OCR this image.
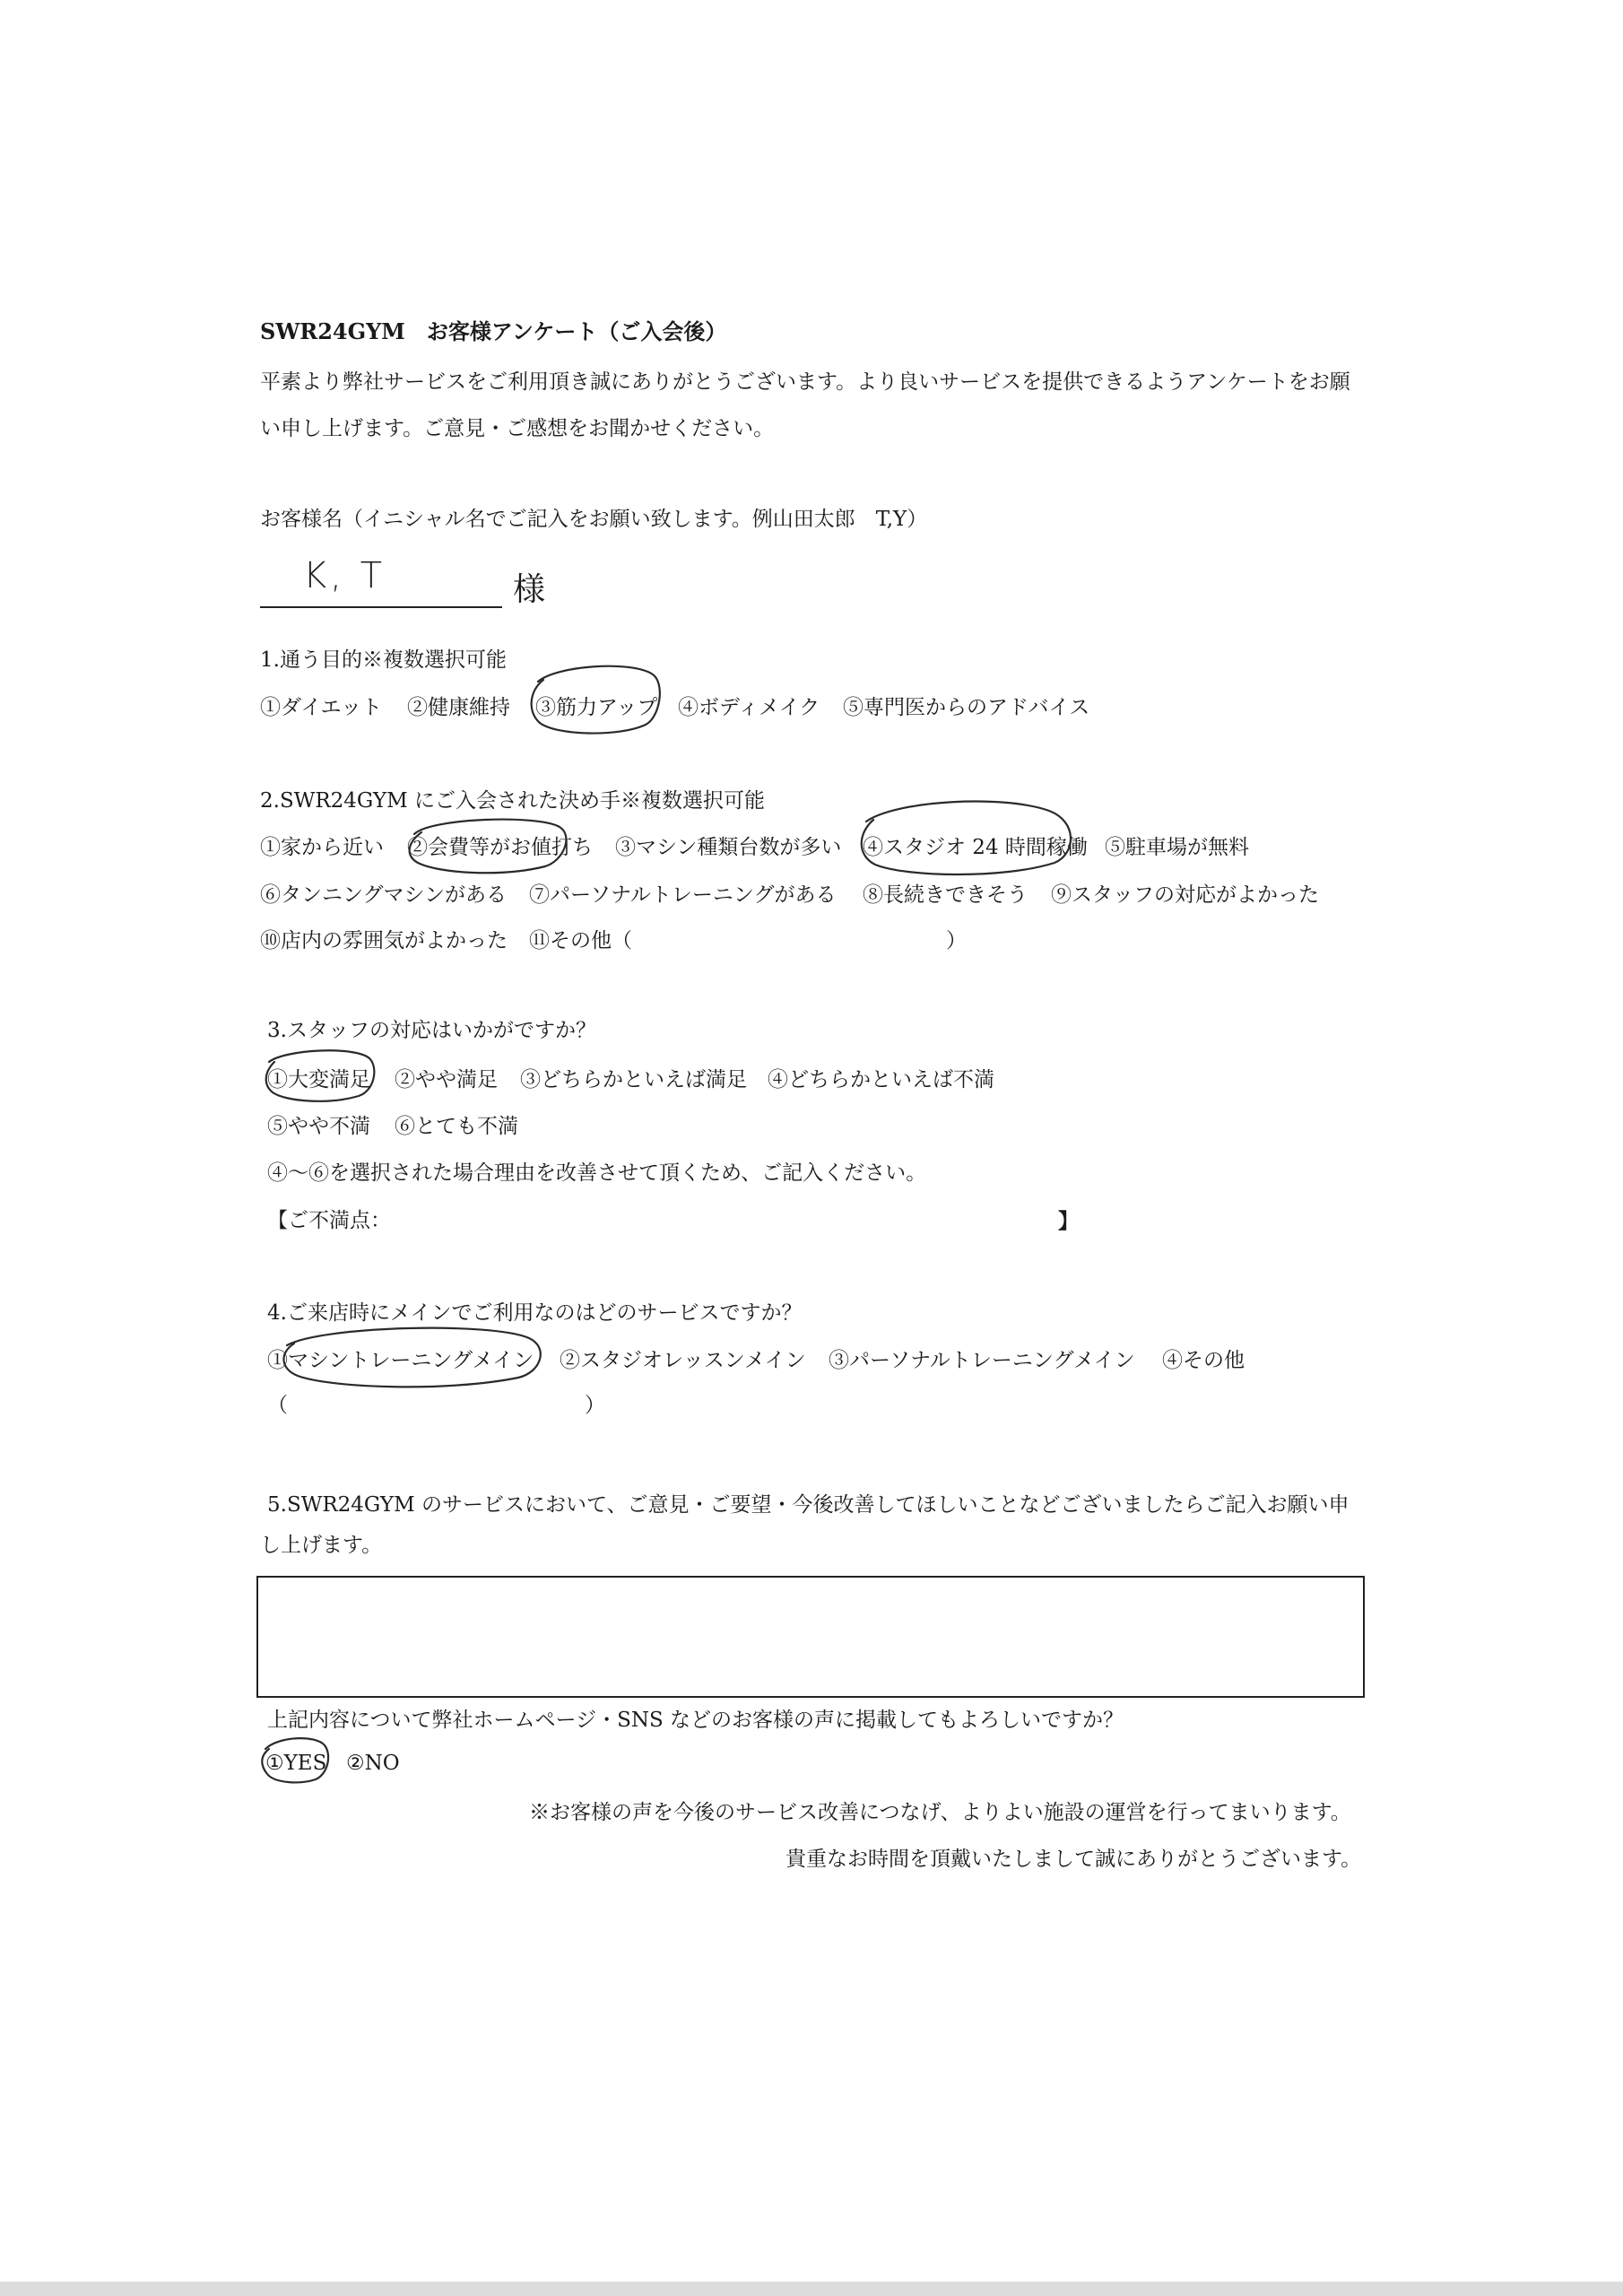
SWR24GYM　お客様アンケート（ご入会後）
平素より弊社サービスをご利用頂き誠にありがとうございます。より良いサービスを提供できるようアンケートをお願
い申し上げます。ご意見・ご感想をお聞かせください。
お客様名（イニシャル名でご記入をお願い致します。例山田太郎　T,Y）
K, T	様
1.通う目的※複数選択可能
①ダイエット ②健康維持 ③筋力アップ ④ボディメイク ⑤専門医からのアドバイス
2.SWR24GYM にご入会された決め手※複数選択可能
①家から近い ②会費等がお値打ち ③マシン種類台数が多い ④スタジオ 24 時間稼働 ⑤駐車場が無料
⑥タンニングマシンがある ⑦パーソナルトレーニングがある ⑧長続きできそう ⑨スタッフの対応がよかった
⑩店内の雰囲気がよかった ⑪その他（	）
3.スタッフの対応はいかがですか？
①大変満足 ②やや満足 ③どちらかといえば満足 ④どちらかといえば不満
⑤やや不満 ⑥とても不満
④～⑥を選択された場合理由を改善させて頂くため、ご記入ください。
【ご不満点：	】
4.ご来店時にメインでご利用なのはどのサービスですか？
①マシントレーニングメイン ②スタジオレッスンメイン ③パーソナルトレーニングメイン ④その他
（	）
5.SWR24GYM のサービスにおいて、ご意見・ご要望・今後改善してほしいことなどございましたらご記入お願い申
し上げます。
上記内容について弊社ホームページ・SNS などのお客様の声に掲載してもよろしいですか？
①YES ②NO
※お客様の声を今後のサービス改善につなげ、よりよい施設の運営を行ってまいります。
貴重なお時間を頂戴いたしまして誠にありがとうございます。
